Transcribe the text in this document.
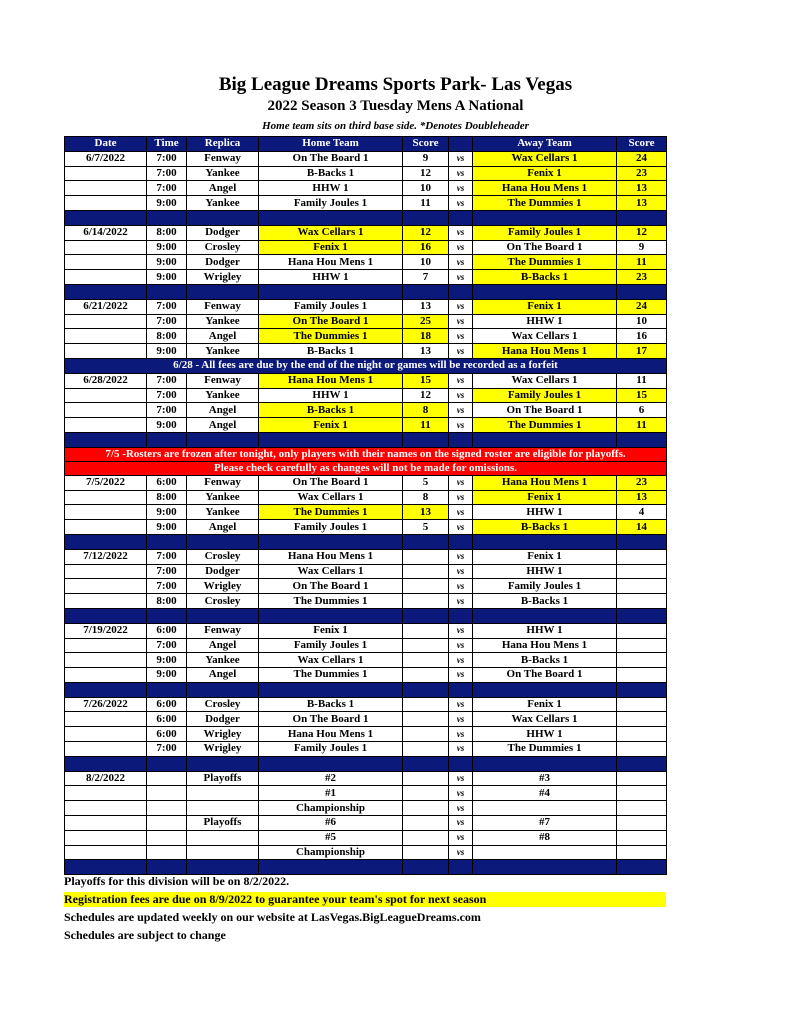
Big League Dreams Sports Park- Las Vegas
2022 Season 3 Tuesday Mens A National
Home team sits on third base side. *Denotes Doubleheader
Date	Time	Replica	Home Team	Score		Away Team	Score
6/7/2022	7:00	Fenway	On The Board 1	9	vs	Wax Cellars 1	24
	7:00	Yankee	B-Backs 1	12	vs	Fenix 1	23
	7:00	Angel	HHW 1	10	vs	Hana Hou Mens 1	13
	9:00	Yankee	Family Joules 1	11	vs	The Dummies 1	13

6/14/2022	8:00	Dodger	Wax Cellars 1	12	vs	Family Joules 1	12
	9:00	Crosley	Fenix 1	16	vs	On The Board 1	9
	9:00	Dodger	Hana Hou Mens 1	10	vs	The Dummies 1	11
	9:00	Wrigley	HHW 1	7	vs	B-Backs 1	23

6/21/2022	7:00	Fenway	Family Joules 1	13	vs	Fenix 1	24
	7:00	Yankee	On The Board 1	25	vs	HHW 1	10
	8:00	Angel	The Dummies 1	18	vs	Wax Cellars 1	16
	9:00	Yankee	B-Backs 1	13	vs	Hana Hou Mens 1	17
6/28 - All fees are due by the end of the night or games will be recorded as a forfeit							
6/28/2022	7:00	Fenway	Hana Hou Mens 1	15	vs	Wax Cellars 1	11
	7:00	Yankee	HHW 1	12	vs	Family Joules 1	15
	7:00	Angel	B-Backs 1	8	vs	On The Board 1	6
	9:00	Angel	Fenix 1	11	vs	The Dummies 1	11

7/5 -Rosters are frozen after tonight, only players with their names on the signed roster are eligible for playoffs.							
Please check carefully as changes will not be made for omissions.							
7/5/2022	6:00	Fenway	On The Board 1	5	vs	Hana Hou Mens 1	23
	8:00	Yankee	Wax Cellars 1	8	vs	Fenix 1	13
	9:00	Yankee	The Dummies 1	13	vs	HHW 1	4
	9:00	Angel	Family Joules 1	5	vs	B-Backs 1	14

7/12/2022	7:00	Crosley	Hana Hou Mens 1		vs	Fenix 1	
	7:00	Dodger	Wax Cellars 1		vs	HHW 1	
	7:00	Wrigley	On The Board 1		vs	Family Joules 1	
	8:00	Crosley	The Dummies 1		vs	B-Backs 1	

7/19/2022	6:00	Fenway	Fenix 1		vs	HHW 1	
	7:00	Angel	Family Joules 1		vs	Hana Hou Mens 1	
	9:00	Yankee	Wax Cellars 1		vs	B-Backs 1	
	9:00	Angel	The Dummies 1		vs	On The Board 1	

7/26/2022	6:00	Crosley	B-Backs 1		vs	Fenix 1	
	6:00	Dodger	On The Board 1		vs	Wax Cellars 1	
	6:00	Wrigley	Hana Hou Mens 1		vs	HHW 1	
	7:00	Wrigley	Family Joules 1		vs	The Dummies 1	

8/2/2022		Playoffs	#2		vs	#3	
			#1		vs	#4	
			Championship		vs		
		Playoffs	#6		vs	#7	
			#5		vs	#8	
			Championship		vs		

Playoffs for this division will be on 8/2/2022.
Registration fees are due on 8/9/2022 to guarantee your team's spot for next season
Schedules are updated weekly on our website at LasVegas.BigLeagueDreams.com
Schedules are subject to change
